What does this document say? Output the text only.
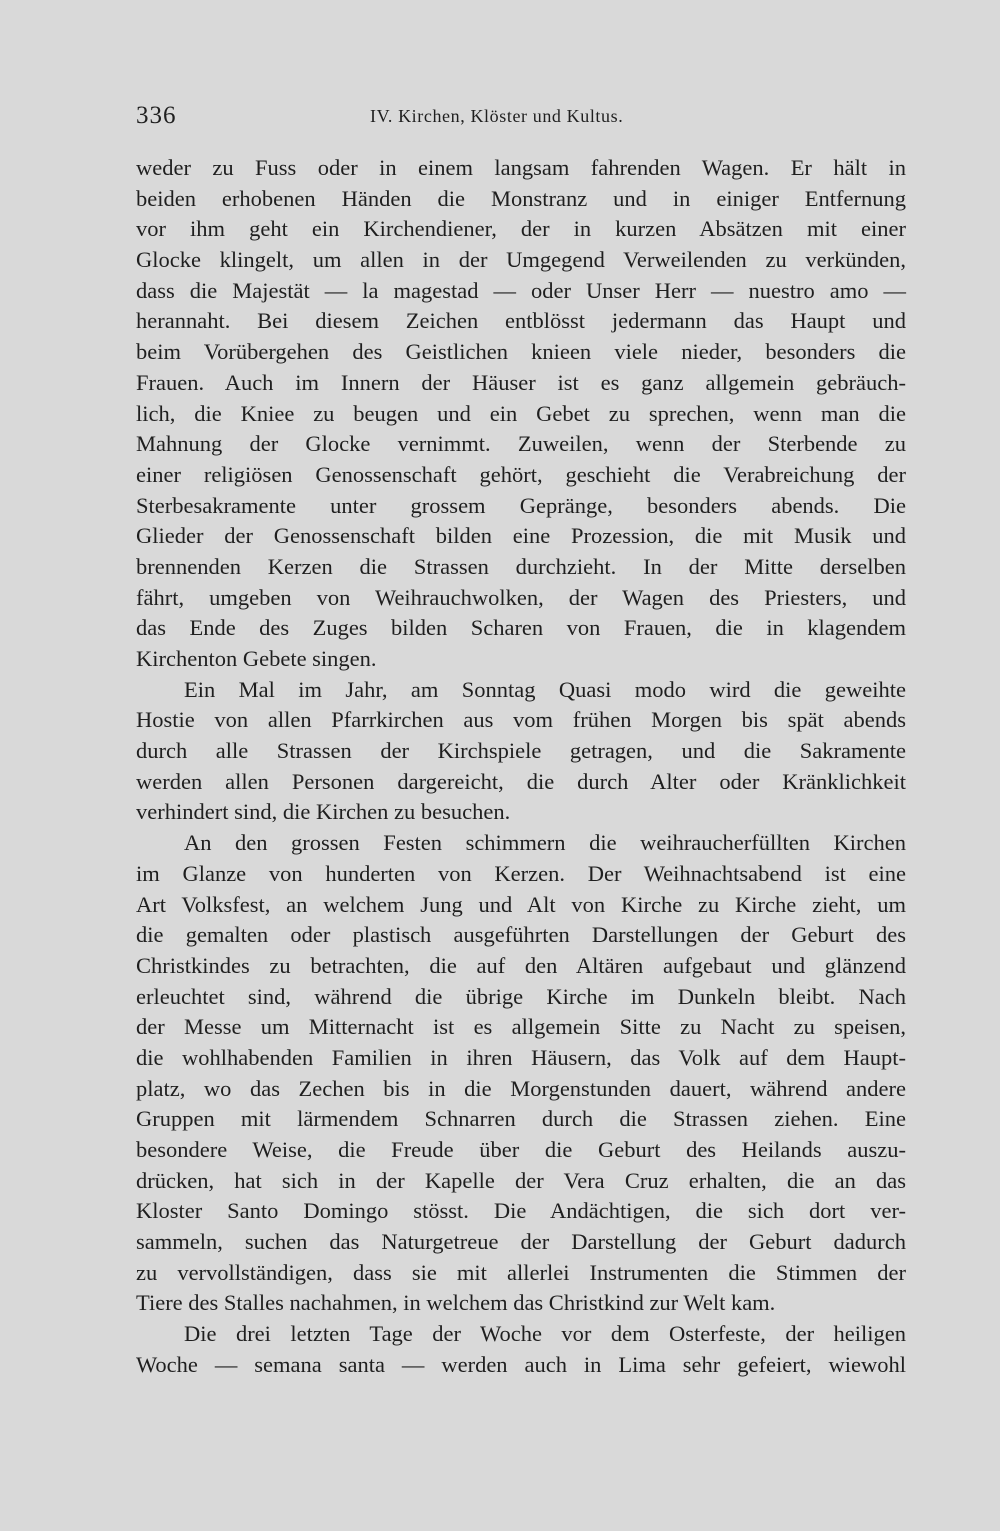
336	IV. Kirchen, Klöster und Kultus.
weder zu Fuss oder in einem langsam fahrenden Wagen. Er hält in
beiden erhobenen Händen die Monstranz und in einiger Entfernung
vor ihm geht ein Kirchendiener, der in kurzen Absätzen mit einer
Glocke klingelt, um allen in der Umgegend Verweilenden zu verkünden,
dass die Majestät — la magestad — oder Unser Herr — nuestro amo —
herannaht. Bei diesem Zeichen entblösst jedermann das Haupt und
beim Vorübergehen des Geistlichen knieen viele nieder, besonders die
Frauen. Auch im Innern der Häuser ist es ganz allgemein gebräuch-
lich, die Kniee zu beugen und ein Gebet zu sprechen, wenn man die
Mahnung der Glocke vernimmt. Zuweilen, wenn der Sterbende zu
einer religiösen Genossenschaft gehört, geschieht die Verabreichung der
Sterbesakramente unter grossem Gepränge, besonders abends. Die
Glieder der Genossenschaft bilden eine Prozession, die mit Musik und
brennenden Kerzen die Strassen durchzieht. In der Mitte derselben
fährt, umgeben von Weihrauchwolken, der Wagen des Priesters, und
das Ende des Zuges bilden Scharen von Frauen, die in klagendem
Kirchenton Gebete singen.
Ein Mal im Jahr, am Sonntag Quasi modo wird die geweihte
Hostie von allen Pfarrkirchen aus vom frühen Morgen bis spät abends
durch alle Strassen der Kirchspiele getragen, und die Sakramente
werden allen Personen dargereicht, die durch Alter oder Kränklichkeit
verhindert sind, die Kirchen zu besuchen.
An den grossen Festen schimmern die weihraucherfüllten Kirchen
im Glanze von hunderten von Kerzen. Der Weihnachtsabend ist eine
Art Volksfest, an welchem Jung und Alt von Kirche zu Kirche zieht, um
die gemalten oder plastisch ausgeführten Darstellungen der Geburt des
Christkindes zu betrachten, die auf den Altären aufgebaut und glänzend
erleuchtet sind, während die übrige Kirche im Dunkeln bleibt. Nach
der Messe um Mitternacht ist es allgemein Sitte zu Nacht zu speisen,
die wohlhabenden Familien in ihren Häusern, das Volk auf dem Haupt-
platz, wo das Zechen bis in die Morgenstunden dauert, während andere
Gruppen mit lärmendem Schnarren durch die Strassen ziehen. Eine
besondere Weise, die Freude über die Geburt des Heilands auszu-
drücken, hat sich in der Kapelle der Vera Cruz erhalten, die an das
Kloster Santo Domingo stösst. Die Andächtigen, die sich dort ver-
sammeln, suchen das Naturgetreue der Darstellung der Geburt dadurch
zu vervollständigen, dass sie mit allerlei Instrumenten die Stimmen der
Tiere des Stalles nachahmen, in welchem das Christkind zur Welt kam.
Die drei letzten Tage der Woche vor dem Osterfeste, der heiligen
Woche — semana santa — werden auch in Lima sehr gefeiert, wiewohl
